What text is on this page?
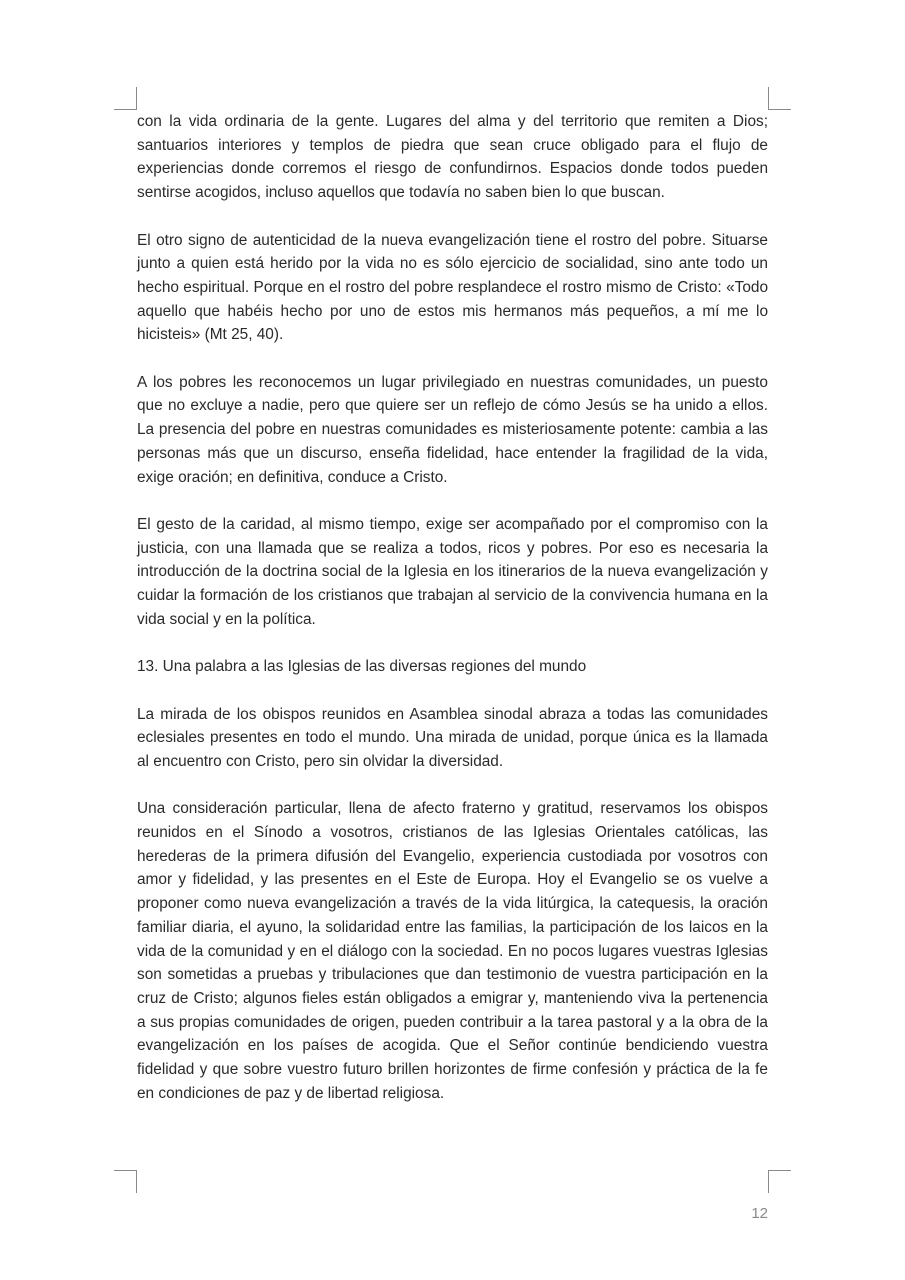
con la vida ordinaria de la gente. Lugares del alma y del territorio que remiten a Dios; santuarios interiores y templos de piedra que sean cruce obligado para el flujo de experiencias donde corremos el riesgo de confundirnos. Espacios donde todos pueden sentirse acogidos, incluso aquellos que todavía no saben bien lo que buscan.

El otro signo de autenticidad de la nueva evangelización tiene el rostro del pobre. Situarse junto a quien está herido por la vida no es sólo ejercicio de socialidad, sino ante todo un hecho espiritual. Porque en el rostro del pobre resplandece el rostro mismo de Cristo: «Todo aquello que habéis hecho por uno de estos mis hermanos más pequeños, a mí me lo hicisteis» (Mt 25, 40).

A los pobres les reconocemos un lugar privilegiado en nuestras comunidades, un puesto que no excluye a nadie, pero que quiere ser un reflejo de cómo Jesús se ha unido a ellos. La presencia del pobre en nuestras comunidades es misteriosamente potente: cambia a las personas más que un discurso, enseña fidelidad, hace entender la fragilidad de la vida, exige oración; en definitiva, conduce a Cristo.

El gesto de la caridad, al mismo tiempo, exige ser acompañado por el compromiso con la justicia, con una llamada que se realiza a todos, ricos y pobres. Por eso es necesaria la introducción de la doctrina social de la Iglesia en los itinerarios de la nueva evangelización y cuidar la formación de los cristianos que trabajan al servicio de la convivencia humana en la vida social y en la política.

13. Una palabra a las Iglesias de las diversas regiones del mundo

La mirada de los obispos reunidos en Asamblea sinodal abraza a todas las comunidades eclesiales presentes en todo el mundo. Una mirada de unidad, porque única es la llamada al encuentro con Cristo, pero sin olvidar la diversidad.

Una consideración particular, llena de afecto fraterno y gratitud, reservamos los obispos reunidos en el Sínodo a vosotros, cristianos de las Iglesias Orientales católicas, las herederas de la primera difusión del Evangelio, experiencia custodiada por vosotros con amor y fidelidad, y las presentes en el Este de Europa. Hoy el Evangelio se os vuelve a proponer como nueva evangelización a través de la vida litúrgica, la catequesis, la oración familiar diaria, el ayuno, la solidaridad entre las familias, la participación de los laicos en la vida de la comunidad y en el diálogo con la sociedad. En no pocos lugares vuestras Iglesias son sometidas a pruebas y tribulaciones que dan testimonio de vuestra participación en la cruz de Cristo; algunos fieles están obligados a emigrar y, manteniendo viva la pertenencia a sus propias comunidades de origen, pueden contribuir a la tarea pastoral y a la obra de la evangelización en los países de acogida. Que el Señor continúe bendiciendo vuestra fidelidad y que sobre vuestro futuro brillen horizontes de firme confesión y práctica de la fe en condiciones de paz y de libertad religiosa.

12
